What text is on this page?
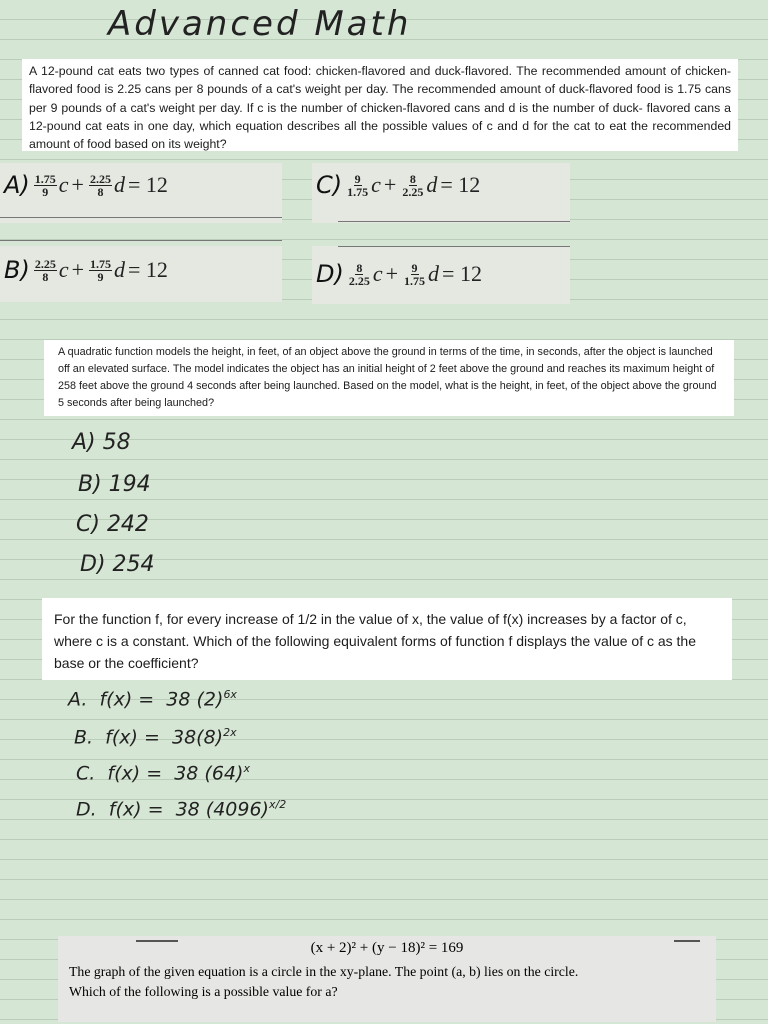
Advanced Math
A 12-pound cat eats two types of canned cat food: chicken-flavored and duck-flavored. The recommended amount of chicken-flavored food is 2.25 cans per 8 pounds of a cat's weight per day. The recommended amount of duck-flavored food is 1.75 cans per 9 pounds of a cat's weight per day. If c is the number of chicken-flavored cans and d is the number of duck- flavored cans a 12-pound cat eats in one day, which equation describes all the possible values of c and d for the cat to eat the recommended amount of food based on its weight?
$A) \frac{1.75}{9}$ $c + \frac{2.25}{8}$ d = 12
$B) \frac{2.25}{8}$ $c + \frac{1.75}{9}$ d = 12
$C) \frac{9}{1.75}$ $c + \frac{8}{2.25}$ d = 12
$D) \frac{8}{2.25}$ $c + \frac{9}{1.75}$ d = 12
A quadratic function models the height, in feet, of an object above the ground in terms of the time, in seconds, after the object is launched off an elevated surface. The model indicates the object has an initial height of 2 feet above the ground and reaches its maximum height of 258 feet above the ground 4 seconds after being launched. Based on the model, what is the height, in feet, of the object above the ground 5 seconds after being launched?
A) 58
B) 194
C) 242
D) 254
For the function f, for every increase of 1/2 in the value of x, the value of f(x) increases by a factor of c, where c is a constant. Which of the following equivalent forms of function f displays the value of c as the base or the coefficient?
A. f(x) = 38 $(2)^{6x}$
B. $f(x) = 38(8)^{2x}$
C. f(x) = 38 $(64)^x$
D. f(x) = 38 $(4096)^{x/2}$
(x + 2)² + (y − 18)² = 169
The graph of the given equation is a circle in the xy-plane. The point (a, b) lies on the circle.
Which of the following is a possible value for a?
